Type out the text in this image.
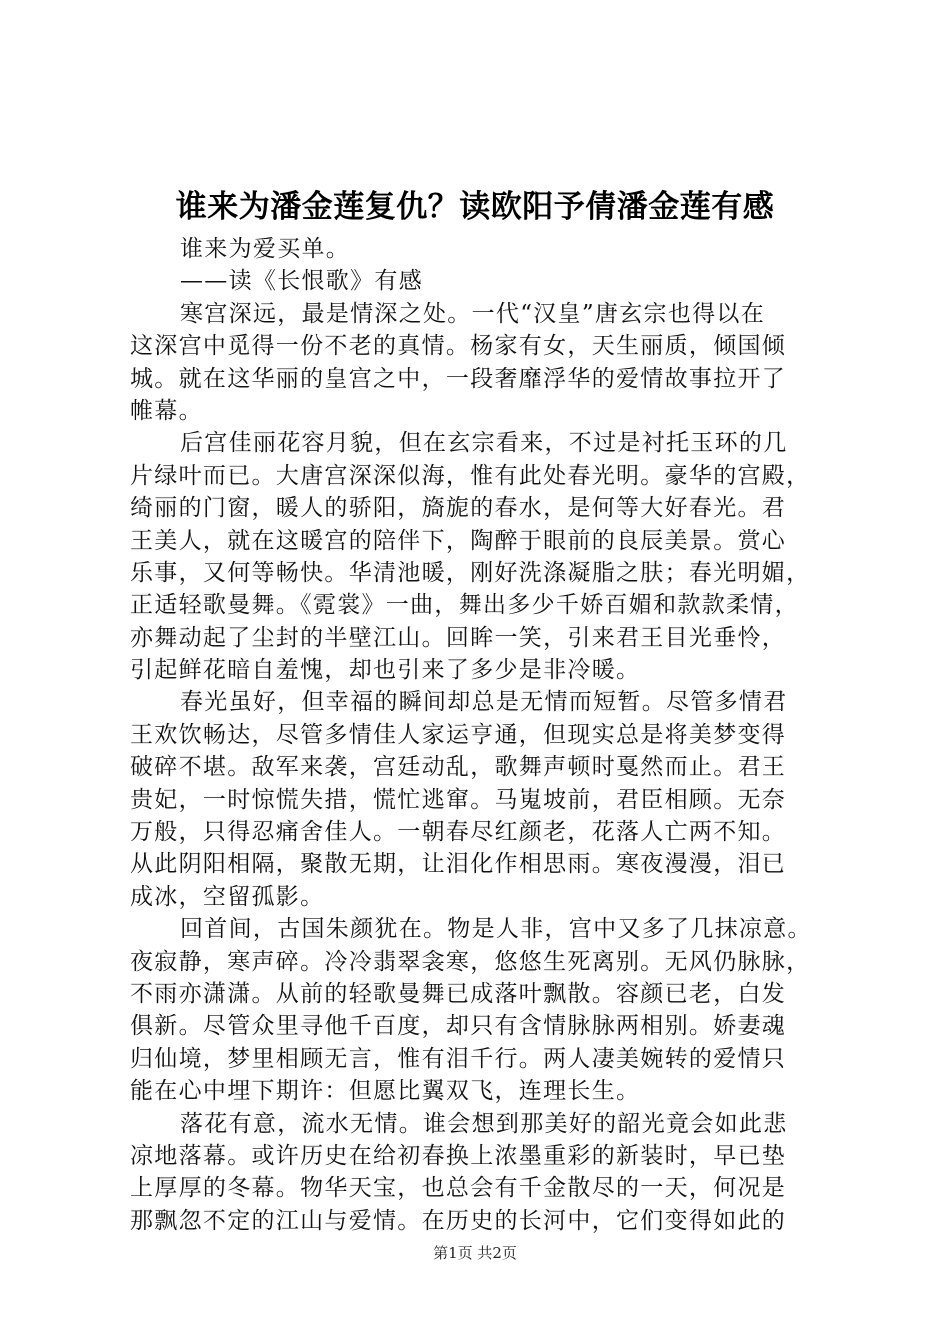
谁来为潘金莲复仇？读欧阳予倩潘金莲有感
谁来为爱买单。
——读《长恨歌》有感
寒宫深远，最是情深之处。一代“汉皇”唐玄宗也得以在
这深宫中觅得一份不老的真情。杨家有女，天生丽质，倾国倾
城。就在这华丽的皇宫之中，一段奢靡浮华的爱情故事拉开了
帷幕。
后宫佳丽花容月貌，但在玄宗看来，不过是衬托玉环的几
片绿叶而已。大唐宫深深似海，惟有此处春光明。豪华的宫殿，
绮丽的门窗，暖人的骄阳，旖旎的春水，是何等大好春光。君
王美人，就在这暖宫的陪伴下，陶醉于眼前的良辰美景。赏心
乐事，又何等畅快。华清池暖，刚好洗涤凝脂之肤；春光明媚，
正适轻歌曼舞。《霓裳》一曲，舞出多少千娇百媚和款款柔情，
亦舞动起了尘封的半壁江山。回眸一笑，引来君王目光垂怜，
引起鲜花暗自羞愧，却也引来了多少是非冷暖。
春光虽好，但幸福的瞬间却总是无情而短暂。尽管多情君
王欢饮畅达，尽管多情佳人家运亨通，但现实总是将美梦变得
破碎不堪。敌军来袭，宫廷动乱，歌舞声顿时戛然而止。君王
贵妃，一时惊慌失措，慌忙逃窜。马嵬坡前，君臣相顾。无奈
万般，只得忍痛舍佳人。一朝春尽红颜老，花落人亡两不知。
从此阴阳相隔，聚散无期，让泪化作相思雨。寒夜漫漫，泪已
成冰，空留孤影。
回首间，古国朱颜犹在。物是人非，宫中又多了几抹凉意。
夜寂静，寒声碎。冷冷翡翠衾寒，悠悠生死离别。无风仍脉脉，
不雨亦潇潇。从前的轻歌曼舞已成落叶飘散。容颜已老，白发
俱新。尽管众里寻他千百度，却只有含情脉脉两相别。娇妻魂
归仙境，梦里相顾无言，惟有泪千行。两人凄美婉转的爱情只
能在心中埋下期许：但愿比翼双飞，连理长生。
落花有意，流水无情。谁会想到那美好的韶光竟会如此悲
凉地落幕。或许历史在给初春换上浓墨重彩的新装时，早已垫
上厚厚的冬幕。物华天宝，也总会有千金散尽的一天，何况是
那飘忽不定的江山与爱情。在历史的长河中，它们变得如此的
第1页 共2页
